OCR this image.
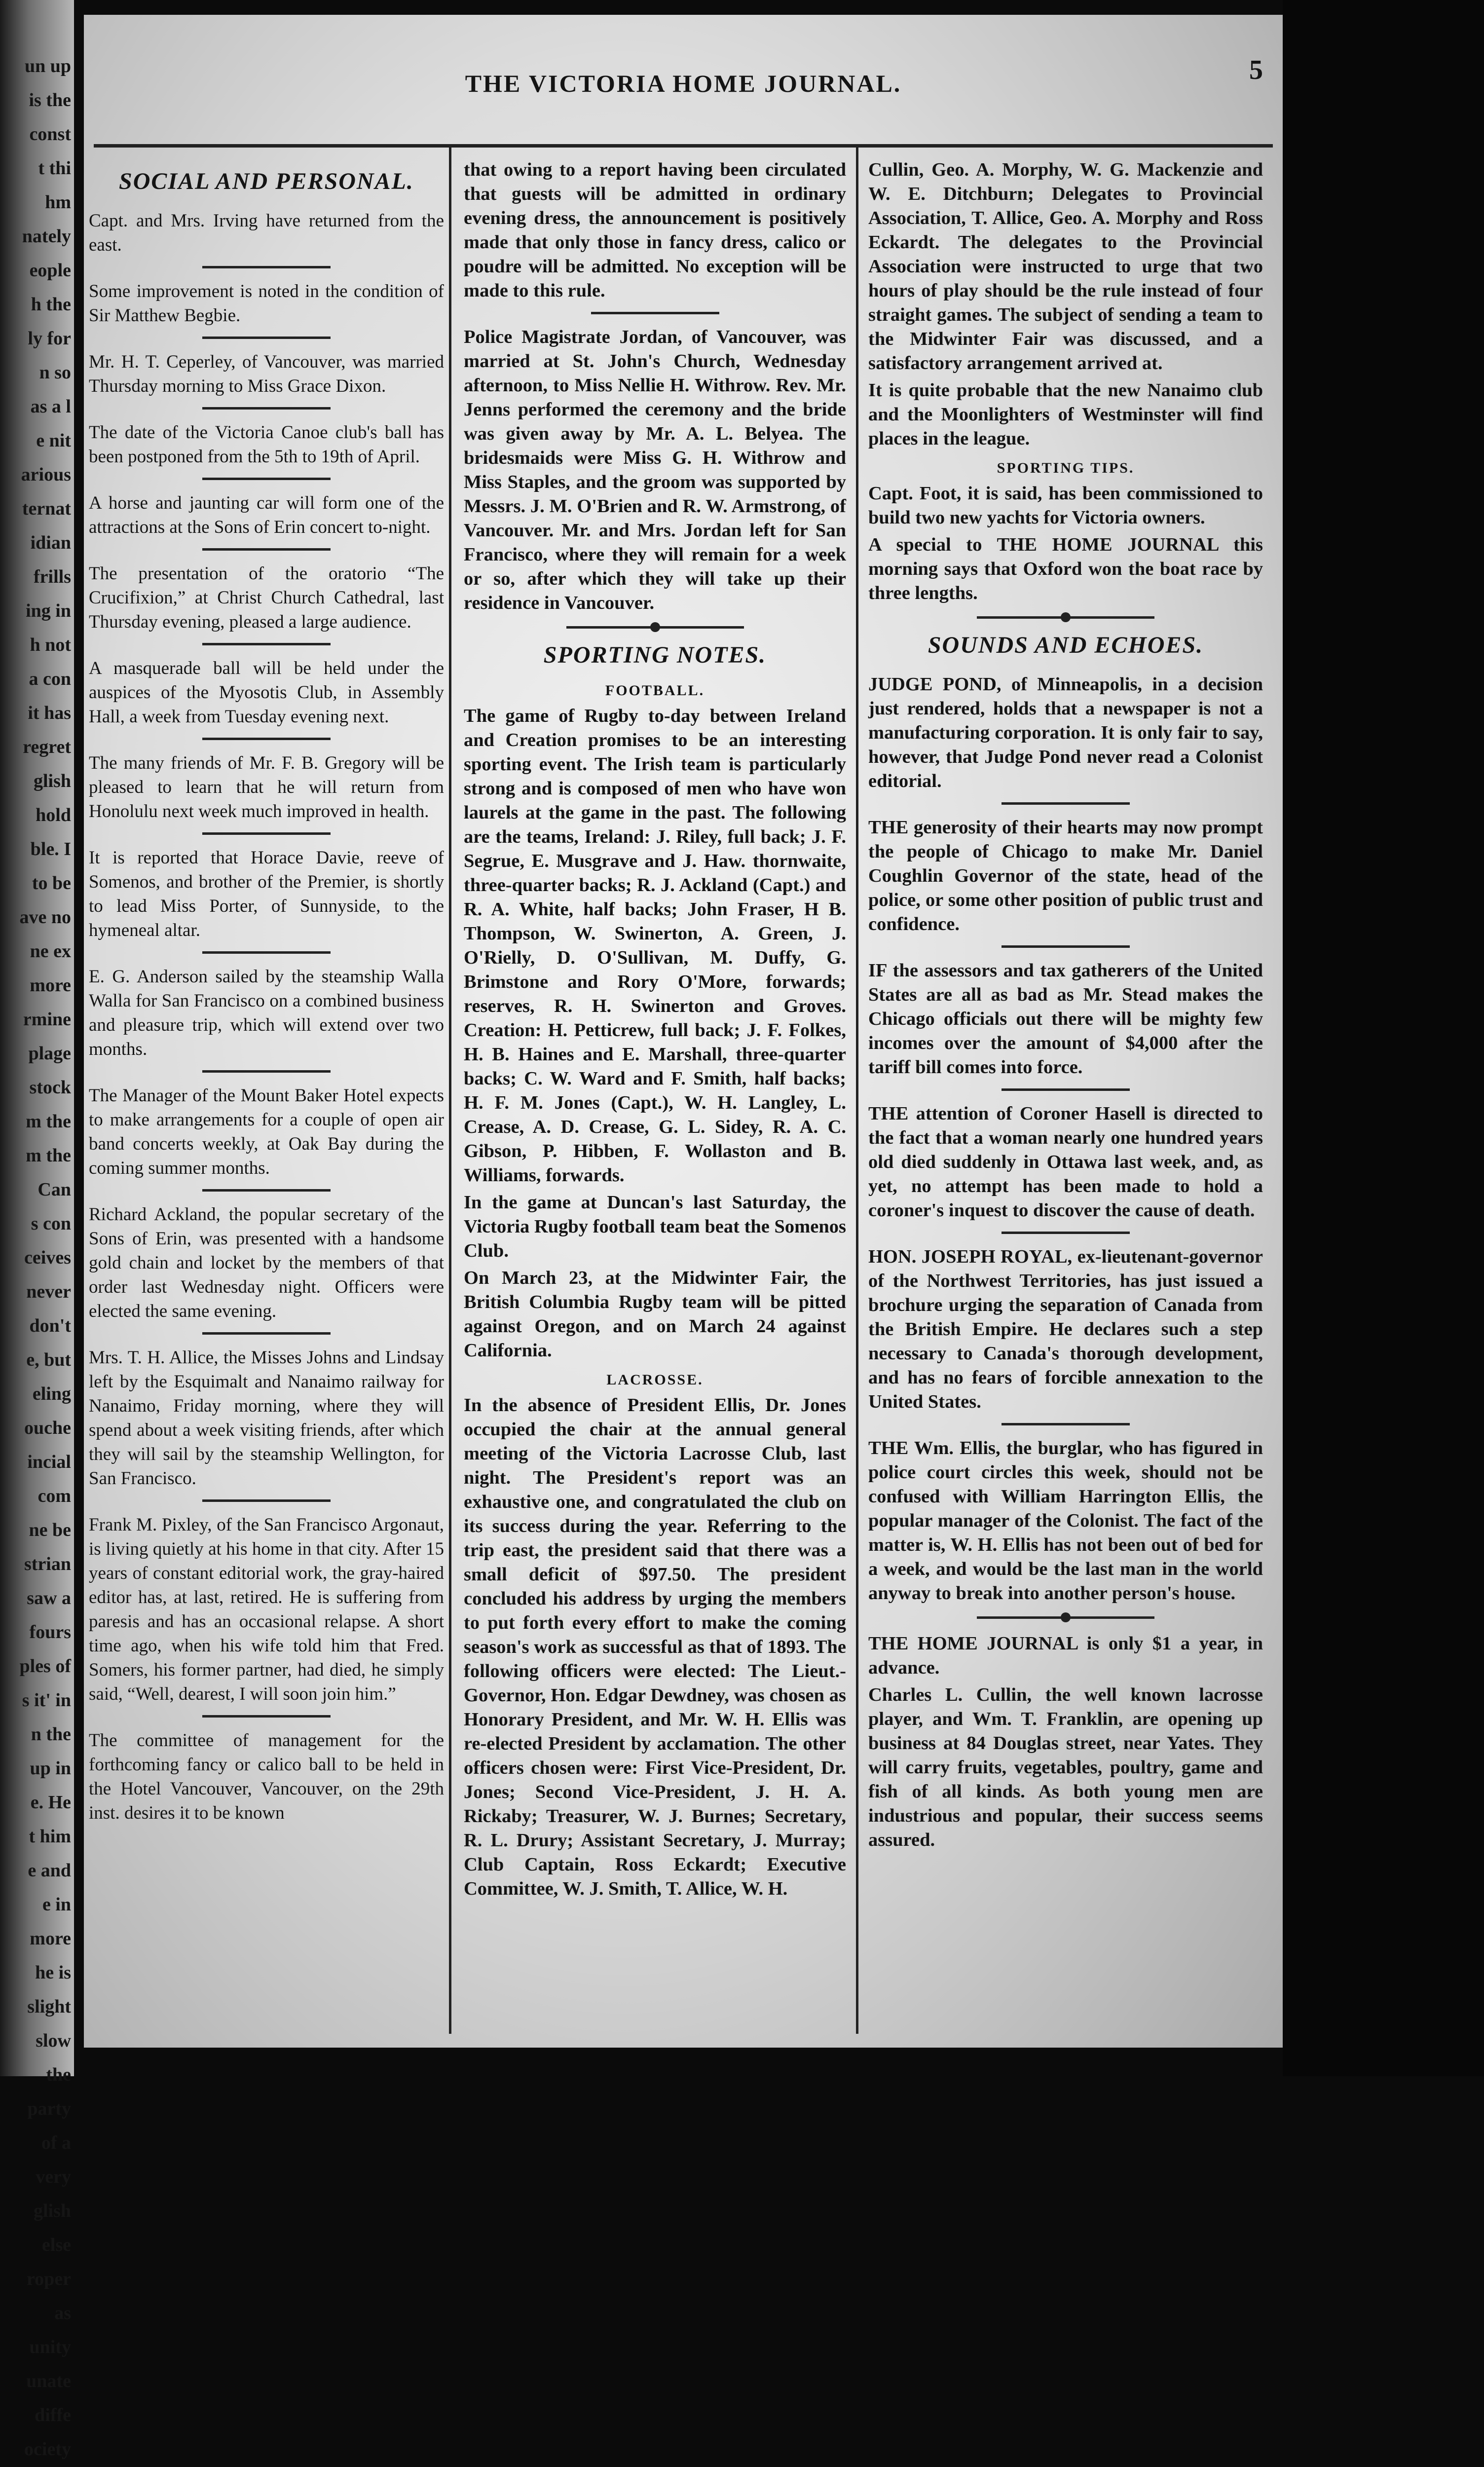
un up
is the
const
t thi
hm
nately
eople
h the
ly for
n so
as a l
e nit
arious
ternat
idian
frills
ing in
h not
a con
it has
regret
glish
hold
ble. I
to be
ave no
ne ex
more
rmine
plage
stock
m the
m the
Can
s con
ceives
never
don't
e, but
eling
ouche
incial
com
ne be
strian
saw a
fours
ples of
s it' in
n the
up in
e. He
t him
e and
e in
more
he is
slight
slow
the
party
of a
very
glish
else
roper
as
unity
unate
diffe
ociety
THE VICTORIA HOME JOURNAL.	5
SOCIAL AND PERSONAL.

Capt. and Mrs. Irving have returned from the east.

Some improvement is noted in the condition of Sir Matthew Begbie.

Mr. H. T. Ceperley, of Vancouver, was married Thursday morning to Miss Grace Dixon.

The date of the Victoria Canoe club's ball has been postponed from the 5th to 19th of April.

A horse and jaunting car will form one of the attractions at the Sons of Erin concert to-night.

The presentation of the oratorio “The Crucifixion,” at Christ Church Cathedral, last Thursday evening, pleased a large audience.

A masquerade ball will be held under the auspices of the Myosotis Club, in Assembly Hall, a week from Tuesday evening next.

The many friends of Mr. F. B. Gregory will be pleased to learn that he will return from Honolulu next week much improved in health.

It is reported that Horace Davie, reeve of Somenos, and brother of the Premier, is shortly to lead Miss Porter, of Sunnyside, to the hymeneal altar.

E. G. Anderson sailed by the steamship Walla Walla for San Francisco on a combined business and pleasure trip, which will extend over two months.

The Manager of the Mount Baker Hotel expects to make arrangements for a couple of open air band concerts weekly, at Oak Bay during the coming summer months.

Richard Ackland, the popular secretary of the Sons of Erin, was presented with a handsome gold chain and locket by the members of that order last Wednesday night. Officers were elected the same evening.

Mrs. T. H. Allice, the Misses Johns and Lindsay left by the Esquimalt and Nanaimo railway for Nanaimo, Friday morning, where they will spend about a week visiting friends, after which they will sail by the steamship Wellington, for San Francisco.

Frank M. Pixley, of the San Francisco Argonaut, is living quietly at his home in that city. After 15 years of constant editorial work, the gray-haired editor has, at last, retired. He is suffering from paresis and has an occasional relapse. A short time ago, when his wife told him that Fred. Somers, his former partner, had died, he simply said, “Well, dearest, I will soon join him.”

The committee of management for the forthcoming fancy or calico ball to be held in the Hotel Vancouver, Vancouver, on the 29th inst. desires it to be known

that owing to a report having been circulated that guests will be admitted in ordinary evening dress, the announcement is positively made that only those in fancy dress, calico or poudre will be admitted. No exception will be made to this rule.

Police Magistrate Jordan, of Vancouver, was married at St. John's Church, Wednesday afternoon, to Miss Nellie H. Withrow. Rev. Mr. Jenns performed the ceremony and the bride was given away by Mr. A. L. Belyea. The bridesmaids were Miss G. H. Withrow and Miss Staples, and the groom was supported by Messrs. J. M. O'Brien and R. W. Armstrong, of Vancouver. Mr. and Mrs. Jordan left for San Francisco, where they will remain for a week or so, after which they will take up their residence in Vancouver.

SPORTING NOTES.
FOOTBALL.

The game of Rugby to-day between Ireland and Creation promises to be an interesting sporting event. The Irish team is particularly strong and is composed of men who have won laurels at the game in the past. The following are the teams, Ireland: J. Riley, full back; J. F. Segrue, E. Musgrave and J. Haw. thornwaite, three-quarter backs; R. J. Ackland (Capt.) and R. A. White, half backs; John Fraser, H B. Thompson, W. Swinerton, A. Green, J. O'Rielly, D. O'Sullivan, M. Duffy, G. Brimstone and Rory O'More, forwards; reserves, R. H. Swinerton and Groves. Creation: H. Petticrew, full back; J. F. Folkes, H. B. Haines and E. Marshall, three-quarter backs; C. W. Ward and F. Smith, half backs; H. F. M. Jones (Capt.), W. H. Langley, L. Crease, A. D. Crease, G. L. Sidey, R. A. C. Gibson, P. Hibben, F. Wollaston and B. Williams, forwards.

In the game at Duncan's last Saturday, the Victoria Rugby football team beat the Somenos Club.

On March 23, at the Midwinter Fair, the British Columbia Rugby team will be pitted against Oregon, and on March 24 against California.

LACROSSE.

In the absence of President Ellis, Dr. Jones occupied the chair at the annual general meeting of the Victoria Lacrosse Club, last night. The President's report was an exhaustive one, and congratulated the club on its success during the year. Referring to the trip east, the president said that there was a small deficit of $97.50. The president concluded his address by urging the members to put forth every effort to make the coming season's work as successful as that of 1893. The following officers were elected: The Lieut.-Governor, Hon. Edgar Dewdney, was chosen as Honorary President, and Mr. W. H. Ellis was re-elected President by acclamation. The other officers chosen were: First Vice-President, Dr. Jones; Second Vice-President, J. H. A. Rickaby; Treasurer, W. J. Burnes; Secretary, R. L. Drury; Assistant Secretary, J. Murray; Club Captain, Ross Eckardt; Executive Committee, W. J. Smith, T. Allice, W. H.

Cullin, Geo. A. Morphy, W. G. Mackenzie and W. E. Ditchburn; Delegates to Provincial Association, T. Allice, Geo. A. Morphy and Ross Eckardt. The delegates to the Provincial Association were instructed to urge that two hours of play should be the rule instead of four straight games. The subject of sending a team to the Midwinter Fair was discussed, and a satisfactory arrangement arrived at.

It is quite probable that the new Nanaimo club and the Moonlighters of Westminster will find places in the league.

SPORTING TIPS.

Capt. Foot, it is said, has been commissioned to build two new yachts for Victoria owners.

A special to THE HOME JOURNAL this morning says that Oxford won the boat race by three lengths.

SOUNDS AND ECHOES.

JUDGE POND, of Minneapolis, in a decision just rendered, holds that a newspaper is not a manufacturing corporation. It is only fair to say, however, that Judge Pond never read a Colonist editorial.

THE generosity of their hearts may now prompt the people of Chicago to make Mr. Daniel Coughlin Governor of the state, head of the police, or some other position of public trust and confidence.

IF the assessors and tax gatherers of the United States are all as bad as Mr. Stead makes the Chicago officials out there will be mighty few incomes over the amount of $4,000 after the tariff bill comes into force.

THE attention of Coroner Hasell is directed to the fact that a woman nearly one hundred years old died suddenly in Ottawa last week, and, as yet, no attempt has been made to hold a coroner's inquest to discover the cause of death.

HON. JOSEPH ROYAL, ex-lieutenant-governor of the Northwest Territories, has just issued a brochure urging the separation of Canada from the British Empire. He declares such a step necessary to Canada's thorough development, and has no fears of forcible annexation to the United States.

THE Wm. Ellis, the burglar, who has figured in police court circles this week, should not be confused with William Harrington Ellis, the popular manager of the Colonist. The fact of the matter is, W. H. Ellis has not been out of bed for a week, and would be the last man in the world anyway to break into another person's house.

THE HOME JOURNAL is only $1 a year, in advance.

Charles L. Cullin, the well known lacrosse player, and Wm. T. Franklin, are opening up business at 84 Douglas street, near Yates. They will carry fruits, vegetables, poultry, game and fish of all kinds. As both young men are industrious and popular, their success seems assured.
